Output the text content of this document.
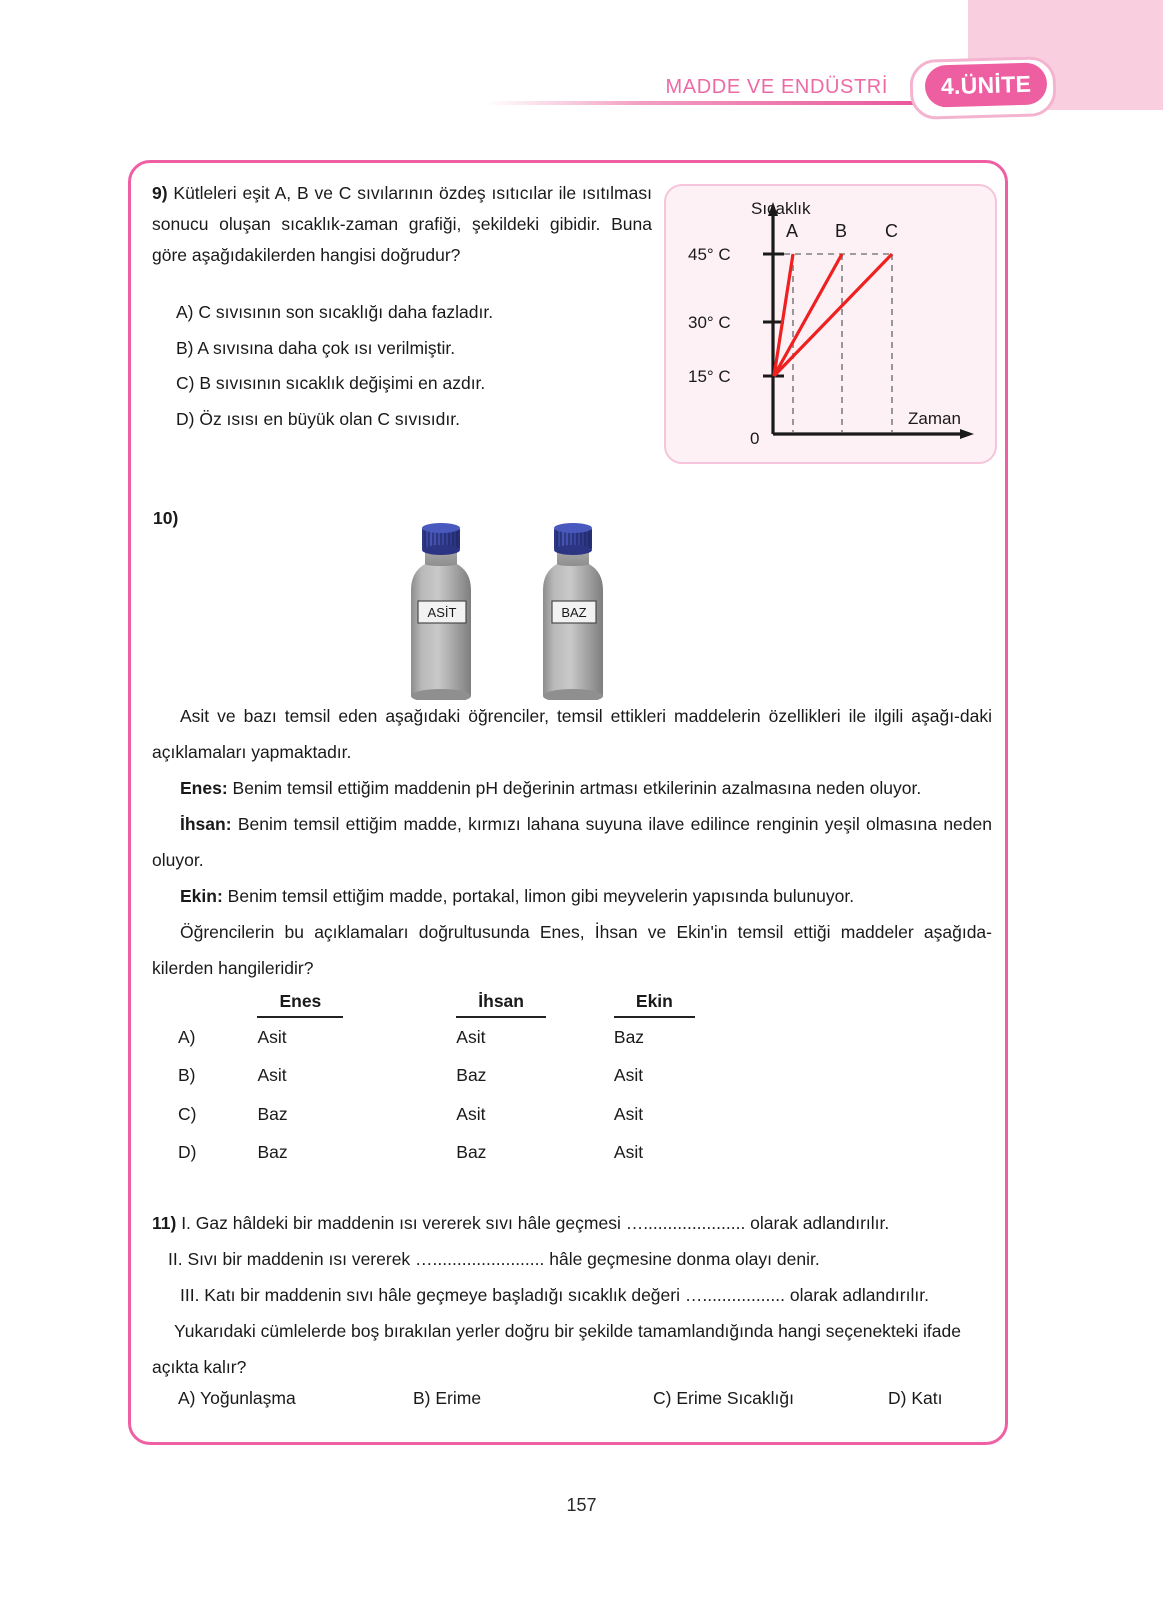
MADDE VE ENDÜSTRİ	4.ÜNİTE
9) Kütleleri eşit A, B ve C sıvılarının özdeş ısıtıcılar ile ısıtılması sonucu oluşan sıcaklık-zaman grafiği, şekildeki gibidir. Buna göre aşağıdakilerden hangisi doğrudur?
A) C sıvısının son sıcaklığı daha fazladır.
B) A sıvısına daha çok ısı verilmiştir.
C) B sıvısının sıcaklık değişimi en azdır.
D) Öz ısısı en büyük olan C sıvısıdır.
Sıcaklık
Zaman
45° C
30° C
15° C
0
A B C
10)
ASİT	BAZ

Asit ve bazı temsil eden aşağıdaki öğrenciler, temsil ettikleri maddelerin özellikleri ile ilgili aşağı-daki açıklamaları yapmaktadır.

Enes: Benim temsil ettiğim maddenin pH değerinin artması etkilerinin azalmasına neden oluyor.

İhsan: Benim temsil ettiğim madde, kırmızı lahana suyuna ilave edilince renginin yeşil olmasına neden oluyor.

Ekin: Benim temsil ettiğim madde, portakal, limon gibi meyvelerin yapısında bulunuyor.

Öğrencilerin bu açıklamaları doğrultusunda Enes, İhsan ve Ekin'in temsil ettiği maddeler aşağıda-kilerden hangileridir?

	Enes	İhsan	Ekin
A)	Asit	Asit	Baz
B)	Asit	Baz	Asit
C)	Baz	Asit	Asit
D)	Baz	Baz	Asit

11) I. Gaz hâldeki bir maddenin ısı vererek sıvı hâle geçmesi …..................... olarak adlandırılır.

II. Sıvı bir maddenin ısı vererek …....................... hâle geçmesine donma olayı denir.

III. Katı bir maddenin sıvı hâle geçmeye başladığı sıcaklık değeri …................. olarak adlandırılır.

Yukarıdaki cümlelerde boş bırakılan yerler doğru bir şekilde tamamlandığında hangi seçenekteki ifade açıkta kalır?

A) Yoğunlaşma	B) Erime	C) Erime Sıcaklığı	D) Katı
157
